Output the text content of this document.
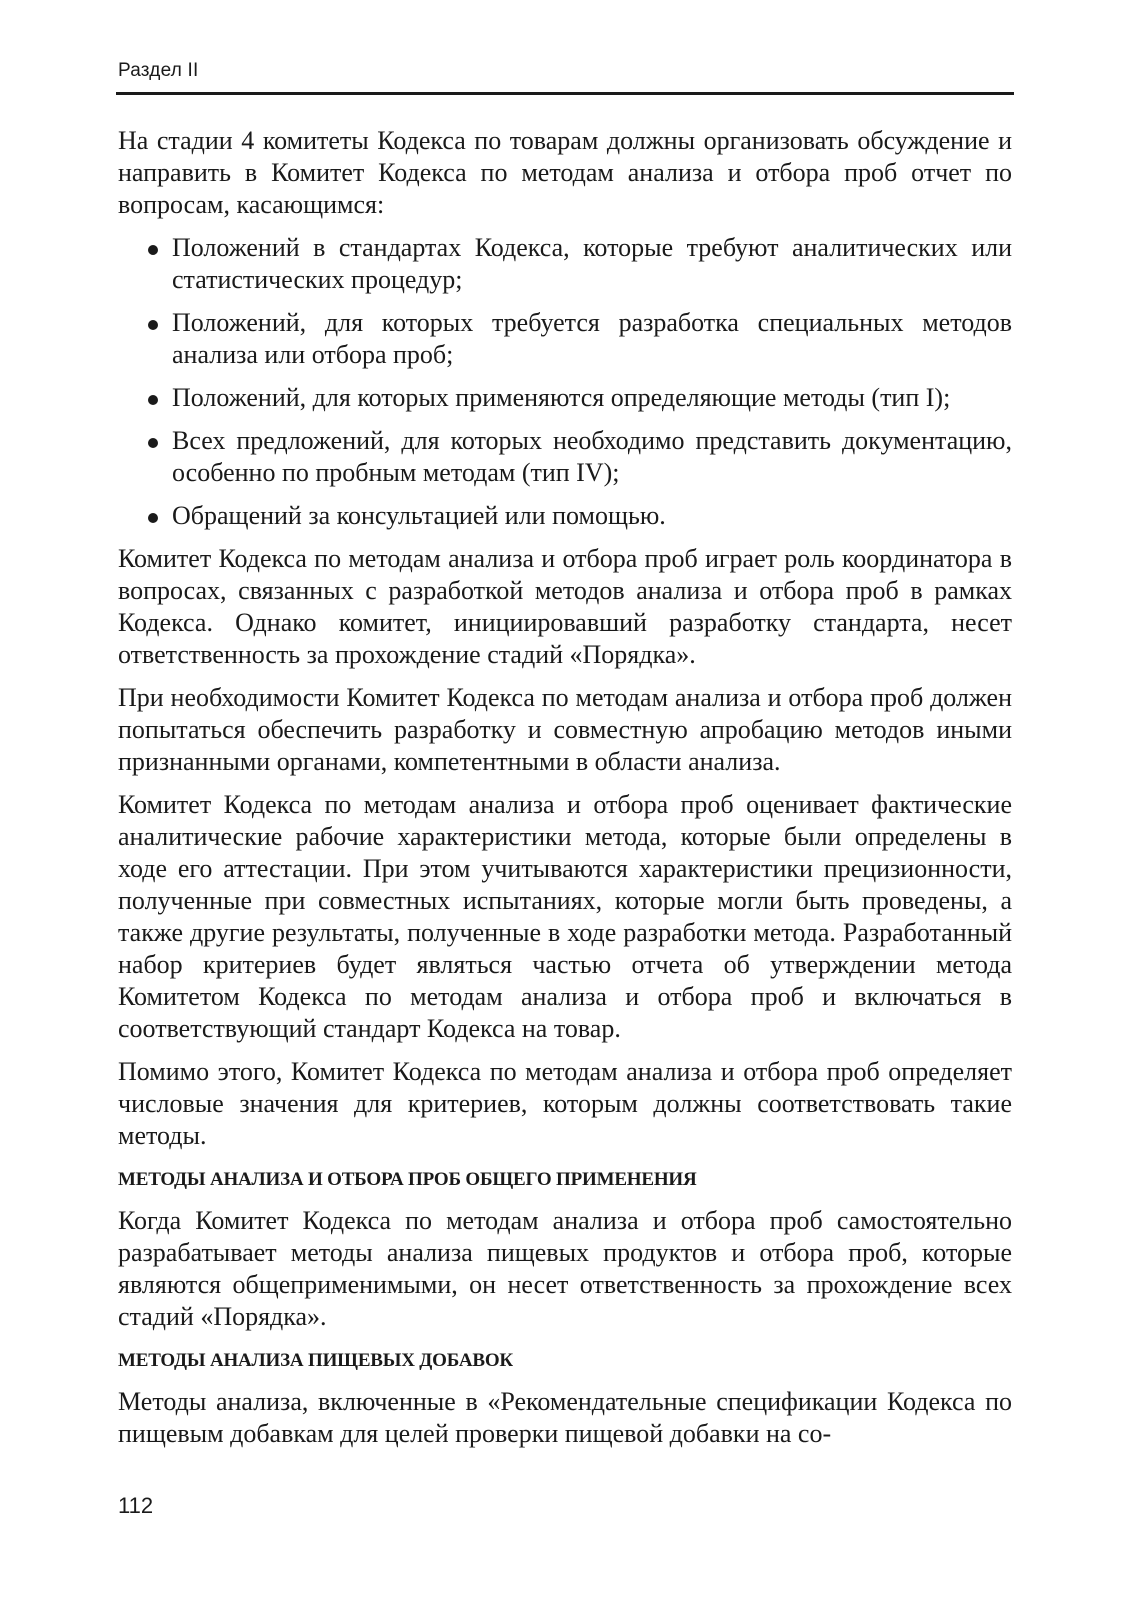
Раздел II

На стадии 4 комитеты Кодекса по товарам должны организовать обсуждение и направить в Комитет Кодекса по методам анализа и отбора проб отчет по вопросам, касающимся:

Положений в стандартах Кодекса, которые требуют аналитических или статистических процедур;
Положений, для которых требуется разработка специальных методов анализа или отбора проб;
Положений, для которых применяются определяющие методы (тип I);
Всех предложений, для которых необходимо представить документацию, особенно по пробным методам (тип IV);
Обращений за консультацией или помощью.

Комитет Кодекса по методам анализа и отбора проб играет роль координатора в вопросах, связанных с разработкой методов анализа и отбора проб в рамках Кодекса. Однако комитет, инициировавший разработку стандарта, несет ответственность за прохождение стадий «Порядка».

При необходимости Комитет Кодекса по методам анализа и отбора проб должен попытаться обеспечить разработку и совместную апробацию методов иными признанными органами, компетентными в области анализа.

Комитет Кодекса по методам анализа и отбора проб оценивает фактические аналитические рабочие характеристики метода, которые были определены в ходе его аттестации. При этом учитываются характеристики прецизионности, полученные при совместных испытаниях, которые могли быть проведены, а также другие результаты, полученные в ходе разработки метода. Разработанный набор критериев будет являться частью отчета об утверждении метода Комитетом Кодекса по методам анализа и отбора проб и включаться в соответствующий стандарт Кодекса на товар.

Помимо этого, Комитет Кодекса по методам анализа и отбора проб определяет числовые значения для критериев, которым должны соответствовать такие методы.

МЕТОДЫ АНАЛИЗА И ОТБОРА ПРОБ ОБЩЕГО ПРИМЕНЕНИЯ

Когда Комитет Кодекса по методам анализа и отбора проб самостоятельно разрабатывает методы анализа пищевых продуктов и отбора проб, которые являются общеприменимыми, он несет ответственность за прохождение всех стадий «Порядка».

МЕТОДЫ АНАЛИЗА ПИЩЕВЫХ ДОБАВОК

Методы анализа, включенные в «Рекомендательные спецификации Кодекса по пищевым добавкам для целей проверки пищевой добавки на со-

112
